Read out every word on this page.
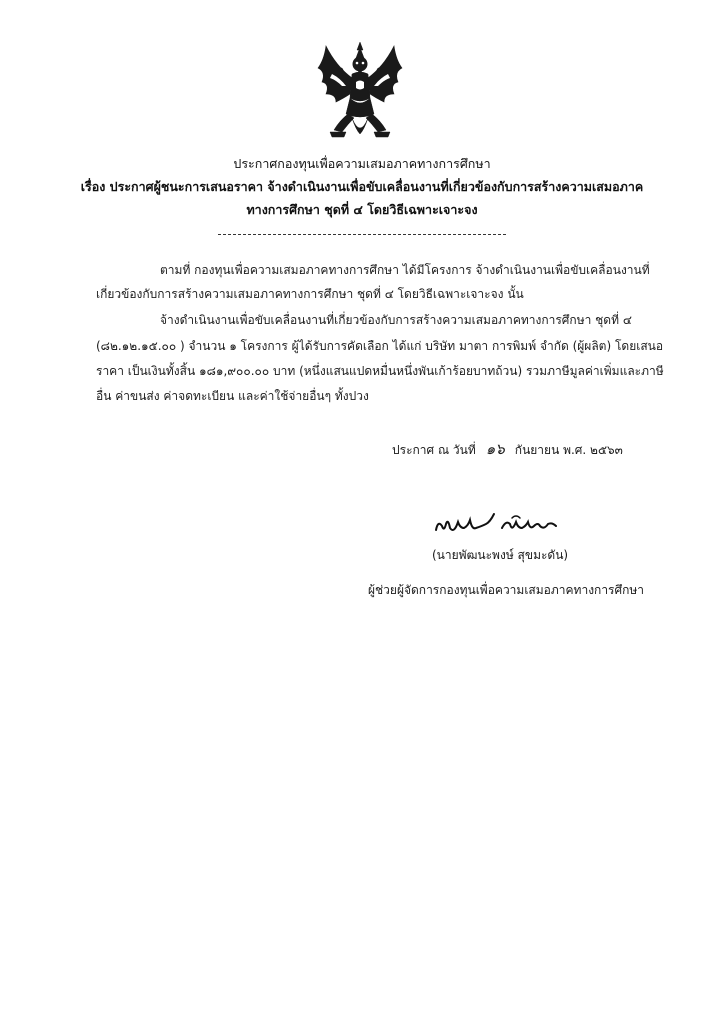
ประกาศกองทุนเพื่อความเสมอภาคทางการศึกษา
เรื่อง ประกาศผู้ชนะการเสนอราคา จ้างดำเนินงานเพื่อขับเคลื่อนงานที่เกี่ยวข้องกับการสร้างความเสมอภาค
ทางการศึกษา ชุดที่ ๔ โดยวิธีเฉพาะเจาะจง
ตามที่ กองทุนเพื่อความเสมอภาคทางการศึกษา ได้มีโครงการ จ้างดำเนินงานเพื่อขับเคลื่อนงานที่
เกี่ยวข้องกับการสร้างความเสมอภาคทางการศึกษา ชุดที่ ๔ โดยวิธีเฉพาะเจาะจง นั้น
จ้างดำเนินงานเพื่อขับเคลื่อนงานที่เกี่ยวข้องกับการสร้างความเสมอภาคทางการศึกษา ชุดที่ ๔
(๘๒.๑๒.๑๕.๐๐ ) จำนวน ๑ โครงการ ผู้ได้รับการคัดเลือก ได้แก่ บริษัท มาตา การพิมพ์ จำกัด (ผู้ผลิต) โดยเสนอ
ราคา เป็นเงินทั้งสิ้น ๑๘๑,๙๐๐.๐๐ บาท (หนึ่งแสนแปดหมื่นหนึ่งพันเก้าร้อยบาทถ้วน) รวมภาษีมูลค่าเพิ่มและภาษี
อื่น ค่าขนส่ง ค่าจดทะเบียน และค่าใช้จ่ายอื่นๆ ทั้งปวง
ประกาศ ณ วันที่ ๑๖ กันยายน พ.ศ. ๒๕๖๓
(นายพัฒนะพงษ์ สุขมะดัน)
ผู้ช่วยผู้จัดการกองทุนเพื่อความเสมอภาคทางการศึกษา
